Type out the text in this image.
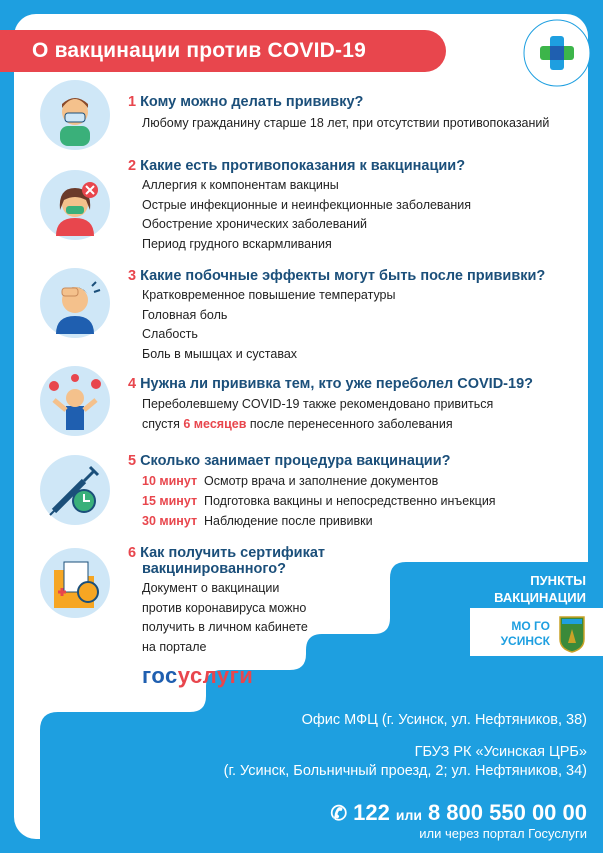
О вакцинации против COVID-19
1 Кому можно делать прививку?
Любому гражданину старше 18 лет, при отсутствии противопоказаний
2 Какие есть противопоказания к вакцинации?
Аллергия к компонентам вакцины
Острые инфекционные и неинфекционные заболевания
Обострение хронических заболеваний
Период грудного вскармливания
3 Какие побочные эффекты могут быть после прививки?
Кратковременное повышение температуры
Головная боль
Слабость
Боль в мышцах и суставах
4 Нужна ли прививка тем, кто уже переболел COVID-19?
Переболевшему COVID-19 также рекомендовано привиться
спустя 6 месяцев после перенесенного заболевания
5 Сколько занимает процедура вакцинации?
10 минут Осмотр врача и заполнение документов
15 минут Подготовка вакцины и непосредственно инъекция
30 минут Наблюдение после прививки
6 Как получить сертификат
вакцинированного?
Документ о вакцинации
против коронавируса можно
получить в личном кабинете
на портале
госуслуги
ПУНКТЫ
ВАКЦИНАЦИИ
МО ГО
УСИНСК
Офис МФЦ (г. Усинск, ул. Нефтяников, 38)
ГБУЗ РК «Усинская ЦРБ»
(г. Усинск, Больничный проезд, 2; ул. Нефтяников, 34)
✆ 122 или 8 800 550 00 00
или через портал Госуслуги
